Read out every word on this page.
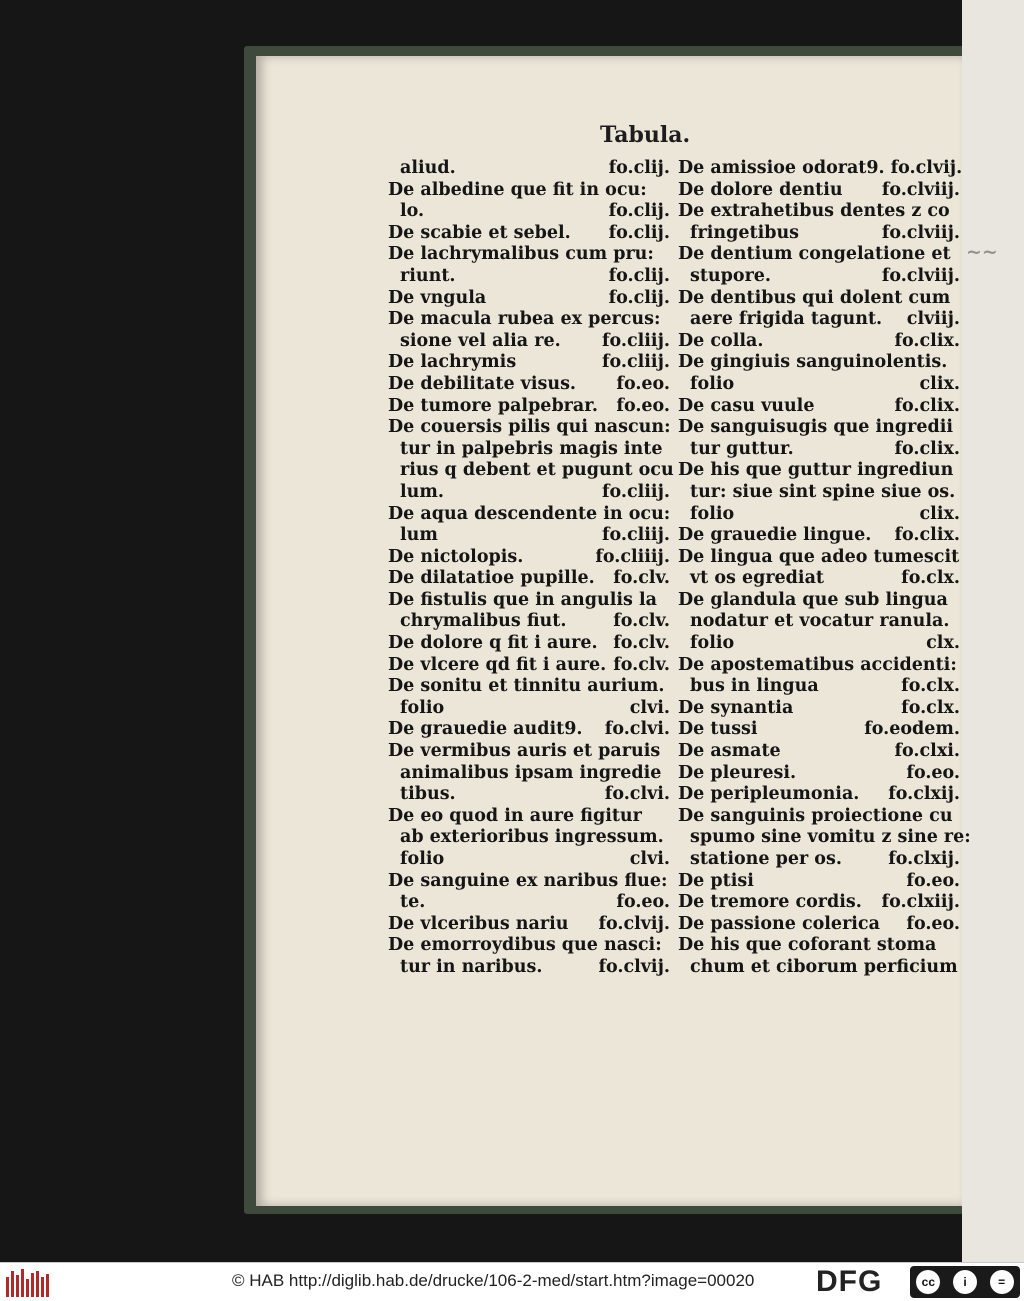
~~
Tabula.
aliud.	fo.clij.
De albedine que fit in ocu:
lo.	fo.clij.
De scabie et sebel.	fo.clij.
De lachrymalibus cum pru:
riunt.	fo.clij.
De vngula	fo.clij.
De macula rubea ex percus:
sione vel alia re.	fo.cliij.
De lachrymis	fo.cliij.
De debilitate visus.	fo.eo.
De tumore palpebrar.	fo.eo.
De couersis pilis qui nascun:
tur in palpebris magis inte
rius q debent et pugunt ocu
lum.	fo.cliij.
De aqua descendente in ocu:
lum	fo.cliij.
De nictolopis.	fo.cliiij.
De dilatatioe pupille.	fo.clv.
De fistulis que in angulis la
chrymalibus fiut.	fo.clv.
De dolore q fit i aure. fo.clv.
De vlcere qd fit i aure. fo.clv.
De sonitu et tinnitu aurium.
folio	clvi.
De grauedie audit9.	fo.clvi.
De vermibus auris et paruis
animalibus ipsam ingredie
tibus.	fo.clvi.
De eo quod in aure figitur
ab exterioribus ingressum.
folio	clvi.
De sanguine ex naribus flue:
te.	fo.eo.
De vlceribus nariu	fo.clvij.
De emorroydibus que nasci:
tur in naribus.	fo.clvij.
De amissioe odorat9. fo.clvij.
De dolore dentiu	fo.clviij.
De extrahetibus dentes z co
fringetibus	fo.clviij.
De dentium congelatione et
stupore.	fo.clviij.
De dentibus qui dolent cum
aere frigida tagunt.	clviij.
De colla.	fo.clix.
De gingiuis sanguinolentis.
folio	clix.
De casu vuule	fo.clix.
De sanguisugis que ingredii
tur guttur.	fo.clix.
De his que guttur ingrediun
tur: siue sint spine siue os.
folio	clix.
De grauedie lingue.	fo.clix.
De lingua que adeo tumescit
vt os egrediat	fo.clx.
De glandula que sub lingua
nodatur et vocatur ranula.
folio	clx.
De apostematibus accidenti:
bus in lingua	fo.clx.
De synantia	fo.clx.
De tussi	fo.eodem.
De asmate	fo.clxi.
De pleuresi.	fo.eo.
De peripleumonia.	fo.clxij.
De sanguinis proiectione cu
spumo sine vomitu z sine re:
statione per os.	fo.clxij.
De ptisi	fo.eo.
De tremore cordis.	fo.clxiij.
De passione colerica	fo.eo.
De his que coforant stoma
chum et ciborum perficium
© HAB http://diglib.hab.de/drucke/106-2-med/start.htm?image=00020 DFG	cc	i	=
